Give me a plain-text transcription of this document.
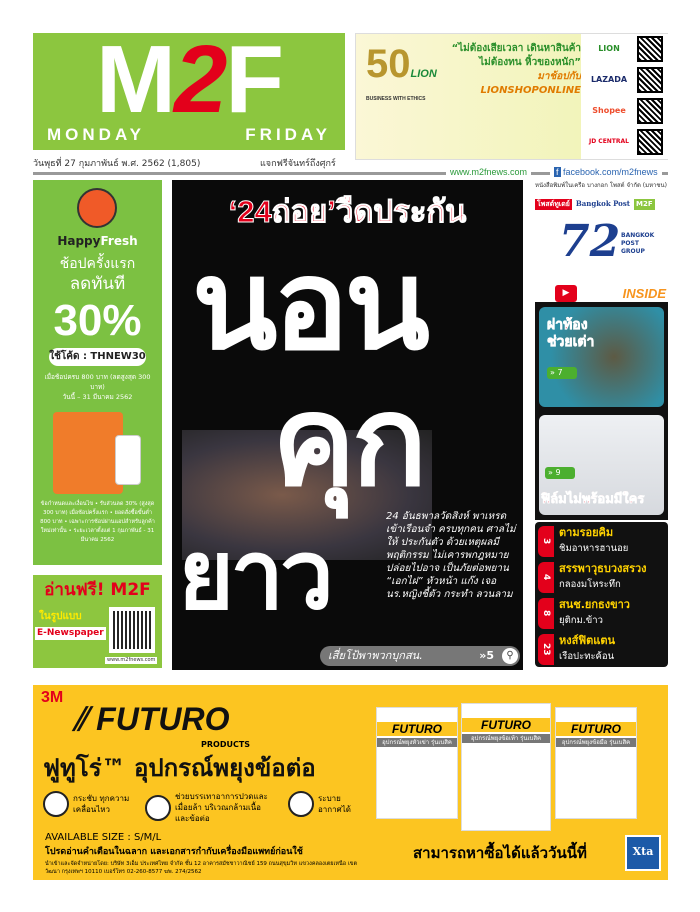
M2F
MONDAY	FRIDAY
วันพุธที่ 27 กุมภาพันธ์ พ.ศ. 2562 (1,805)	แจกฟรีจันทร์ถึงศุกร์
50LION
BUSINESS WITH ETHICS
“ไม่ต้องเสียเวลา เดินหาสินค้า
ไม่ต้องทน หิ้วของหนัก”
มาช้อปกับ LIONSHOPONLINE
LION
LAZADA
Shopee
JD CENTRAL
www.m2fnews.com	f facebook.com/m2fnews
HappyFresh
ช้อปครั้งแรก
ลดทันที
30%
ใช้โค้ด : THNEW30
เมื่อช้อปครบ 800 บาท (ลดสูงสุด 300 บาท)
วันนี้ – 31 มีนาคม 2562
ข้อกำหนดและเงื่อนไข • รับส่วนลด 30% (สูงสุด 300 บาท) เมื่อช้อปครั้งแรก • ยอดสั่งซื้อขั้นต่ำ 800 บาท • เฉพาะการช้อปผ่านแอปสำหรับลูกค้าใหม่เท่านั้น • ระยะเวลาตั้งแต่ 1 กุมภาพันธ์ - 31 มีนาคม 2562
อ่านฟรี! M2F
ในรูปแบบ
E-Newspaper
www.m2fnews.com
‘24ถ่อย’วืดประกัน
นอน
คุก
ยาว
24 อันธพาลวัดสิงห์ พาเหรดเข้าเรือนจำ ครบทุกคน ศาลไม่ให้ ประกันตัว ด้วยเหตุผลมีพฤติกรรม ไม่เคารพกฎหมาย ปล่อยไปอาจ เป็นภัยต่อพยาน “เอกไฝ” หัวหน้า แก๊ง เจอ นร.หญิงชี้ตัว กระทำ ลวนลาม
เสี่ยโป้พาพวกบุกสน.	»5	⚲
หนังสือพิมพ์ในเครือ บางกอก โพสต์ จำกัด (มหาชน)
โพสต์ทูเดย์ Bangkok Post M2F
72 BANGKOK POST GROUP
▶	INSIDE
ผ่าท้อง ช่วยเต่า
» 7
» 9
ฟิล์มไม่พร้อมมีใคร
3
ตามรอยคิม
ชิมอาหารฮานอย
4
สรรพาวุธบวงสรวง
กลองมโหระทึก
8
สนช.ยกธงขาว
ยุติกม.ข้าว
23
หงส์ฟิตแตน
เรือปะทะค้อน
3M
⫽ FUTURO
PRODUCTS
ฟูทูโร่™ อุปกรณ์พยุงข้อต่อ
กระชับ ทุกความเคลื่อนไหว
ช่วยบรรเทาอาการปวดและเมื่อยล้า บริเวณกล้ามเนื้อและข้อต่อ
ระบาย อากาศได้
AVAILABLE SIZE : S/M/L
โปรดอ่านคำเตือนในฉลาก และเอกสารกำกับเครื่องมือแพทย์ก่อนใช้
นำเข้าและจัดจำหน่ายโดย: บริษัท 3เอ็ม ประเทศไทย จำกัด ชั้น 12 อาคารสมัชชาวาณิชย์ 159 ถนนสุขุมวิท แขวงคลองเตยเหนือ เขตวัฒนา กรุงเทพฯ 10110 เบอร์โทร 02-260-8577 ฆพ. 274/2562
FUTURO
อุปกรณ์พยุงหัวเข่า รุ่นเบสิค
FUTURO
อุปกรณ์พยุงข้อเท้า รุ่นเบสิค
FUTURO
อุปกรณ์พยุงข้อมือ รุ่นเบสิค
สามารถหาซื้อได้แล้ววันนี้ที่	Xta
